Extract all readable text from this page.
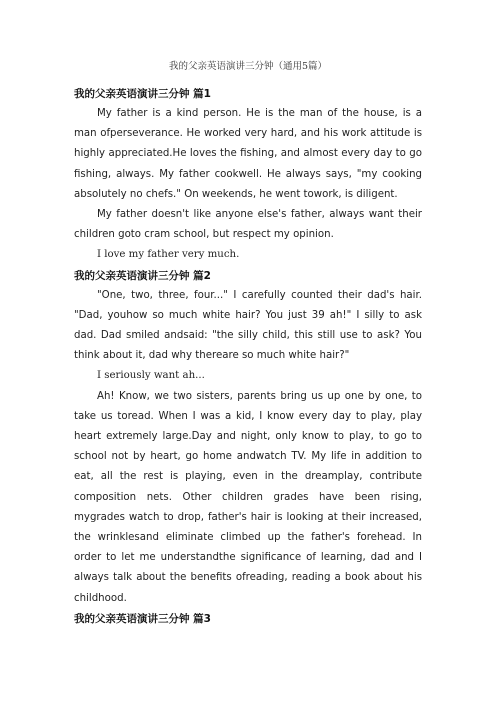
我的父亲英语演讲三分钟（通用5篇）
我的父亲英语演讲三分钟 篇1

My father is a kind person. He is the man of the house, is a man ofperseverance. He worked very hard, and his work attitude is highly appreciated.He loves the fishing, and almost every day to go fishing, always. My father cookwell. He always says, "my cooking absolutely no chefs." On weekends, he went towork, is diligent.

My father doesn't like anyone else's father, always want their children goto cram school, but respect my opinion.

I love my father very much.

我的父亲英语演讲三分钟 篇2

"One, two, three, four..." I carefully counted their dad's hair. "Dad, youhow so much white hair? You just 39 ah!" I silly to ask dad. Dad smiled andsaid: "the silly child, this still use to ask? You think about it, dad why thereare so much white hair?"

I seriously want ah...

Ah! Know, we two sisters, parents bring us up one by one, to take us toread. When I was a kid, I know every day to play, play heart extremely large.Day and night, only know to play, to go to school not by heart, go home andwatch TV. My life in addition to eat, all the rest is playing, even in the dreamplay, contribute composition nets. Other children grades have been rising, mygrades watch to drop, father's hair is looking at their increased, the wrinklesand eliminate climbed up the father's forehead. In order to let me understandthe significance of learning, dad and I always talk about the benefits ofreading, reading a book about his childhood.

我的父亲英语演讲三分钟 篇3
